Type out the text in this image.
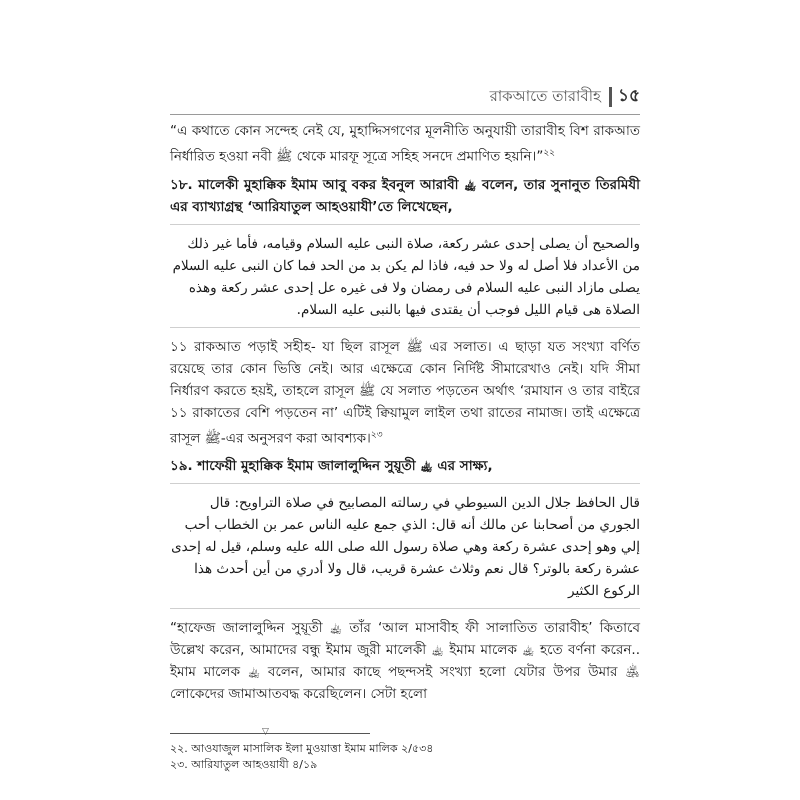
রাকআতে তারাবীহ ১৫

“এ কথাতে কোন সন্দেহ নেই যে, মুহাদ্দিসগণের মূলনীতি অনুযায়ী তারাবীহ বিশ রাকআত নির্ধারিত হওয়া নবী ﷺ থেকে মারফূ সূত্রে সহিহ সনদে প্রমাণিত হয়নি।”$^{২২}$

১৮. মালেকী মুহাক্কিক ইমাম আবু বকর ইবনুল আরাবী ﵀ বলেন, তার সুনানুত তিরমিযী এর ব্যাখ্যাগ্রন্থ ‘আরিযাতুল আহওয়াযী’তে লিখেছেন,

والصحيح أن يصلى إحدى عشر ركعة، صلاة النبى عليه السلام وقيامه، فأما غير ذلك من الأعداد فلا أصل له ولا حد فيه، فاذا لم يكن بد من الحد فما كان النبى عليه السلام يصلى مازاد النبى عليه السلام فى رمضان ولا فى غيره عل إحدى عشر ركعة وهذه الصلاة هى قيام الليل فوجب أن يقتدى فيها بالنبى عليه السلام.

১১ রাকআত পড়াই সহীহ- যা ছিল রাসূল ﷺ এর সলাত। এ ছাড়া যত সংখ্যা বর্ণিত রয়েছে তার কোন ভিত্তি নেই। আর এক্ষেত্রে কোন নির্দিষ্ট সীমারেখাও নেই। যদি সীমা নির্ধারণ করতে হয়ই, তাহলে রাসূল ﷺ যে সলাত পড়তেন অর্থাৎ ‘রমাযান ও তার বাইরে ১১ রাকাতের বেশি পড়তেন না’ এটিই ক্বিয়ামুল লাইল তথা রাতের নামাজ। তাই এক্ষেত্রে রাসূল ﷺ-এর অনুসরণ করা আবশ্যক।$^{২৩}$

১৯. শাফেয়ী মুহাক্কিক ইমাম জালালুদ্দিন সুয়ূতী ﵀ এর সাক্ষ্য,

قال الحافظ جلال الدين السيوطي في رسالته المصابيح في صلاة التراويح: قال الجوري من أصحابنا عن مالك أنه قال: الذي جمع عليه الناس عمر بن الخطاب أحب إلي وهو إحدى عشرة ركعة وهي صلاة رسول الله صلى الله عليه وسلم، قيل له إحدى عشرة ركعة بالوتر؟ قال نعم وثلاث عشرة قريب، قال ولا أدري من أين أحدث هذا الركوع الكثير

“হাফেজ জালালুদ্দিন সুয়ূতী ﵀ তাঁর ‘আল মাসাবীহ ফী সালাতিত তারাবীহ’ কিতাবে উল্লেখ করেন, আমাদের বন্ধু ইমাম জুরী মালেকী ﵀ ইমাম মালেক ﵀ হতে বর্ণনা করেন.. ইমাম মালেক ﵀ বলেন, আমার কাছে পছন্দসই সংখ্যা হলো যেটার উপর উমার ﵁ লোকেদের জামাআতবদ্ধ করেছিলেন। সেটা হলো

▽

২২. আওযাজুল মাসালিক ইলা মুওয়াত্তা ইমাম মালিক ২/৫৩৪

২৩. আরিযাতুল আহওয়াযী ৪/১৯
